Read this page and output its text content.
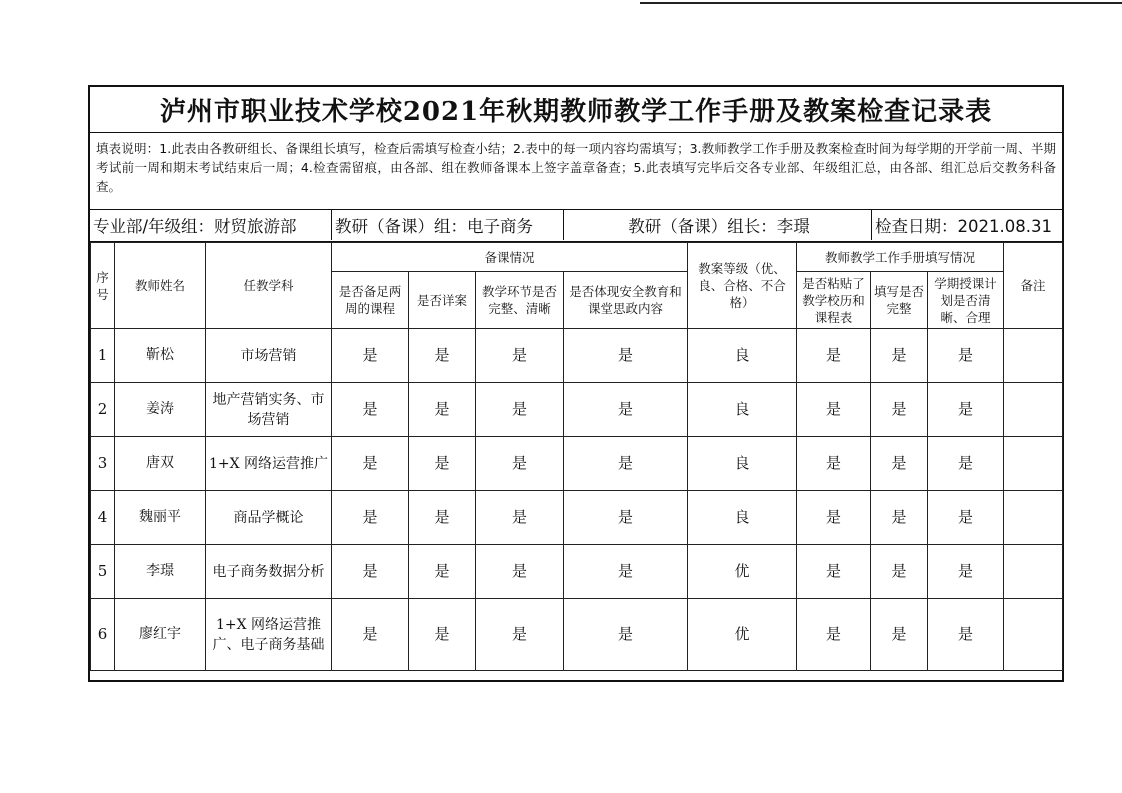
泸州市职业技术学校2021年秋期教师教学工作手册及教案检查记录表
填表说明：1.此表由各教研组长、备课组长填写，检查后需填写检查小结；2.表中的每一项内容均需填写；3.教师教学工作手册及教案检查时间为每学期的开学前一周、半期考试前一周和期末考试结束后一周；4.检查需留痕，由各部、组在教师备课本上签字盖章备查；5.此表填写完毕后交各专业部、年级组汇总，由各部、组汇总后交教务科备查。
专业部/年级组：财贸旅游部	教研（备课）组：电子商务	教研（备课）组长：李璟	检查日期：2021.08.31
序号	教师姓名	任教学科	备课情况				教案等级（优、良、合格、不合格）	教师教学工作手册填写情况			备注
			是否备足两周的课程	是否详案	教学环节是否完整、清晰	是否体现安全教育和课堂思政内容		是否粘贴了教学校历和课程表	填写是否完整	学期授课计划是否清晰、合理	
1	靳松	市场营销	是	是	是	是	良	是	是	是	
2	姜涛	地产营销实务、市场营销	是	是	是	是	良	是	是	是	
3	唐双	1+X 网络运营推广	是	是	是	是	良	是	是	是	
4	魏丽平	商品学概论	是	是	是	是	良	是	是	是	
5	李璟	电子商务数据分析	是	是	是	是	优	是	是	是	
6	廖红宇	1+X 网络运营推广、电子商务基础	是	是	是	是	优	是	是	是	
